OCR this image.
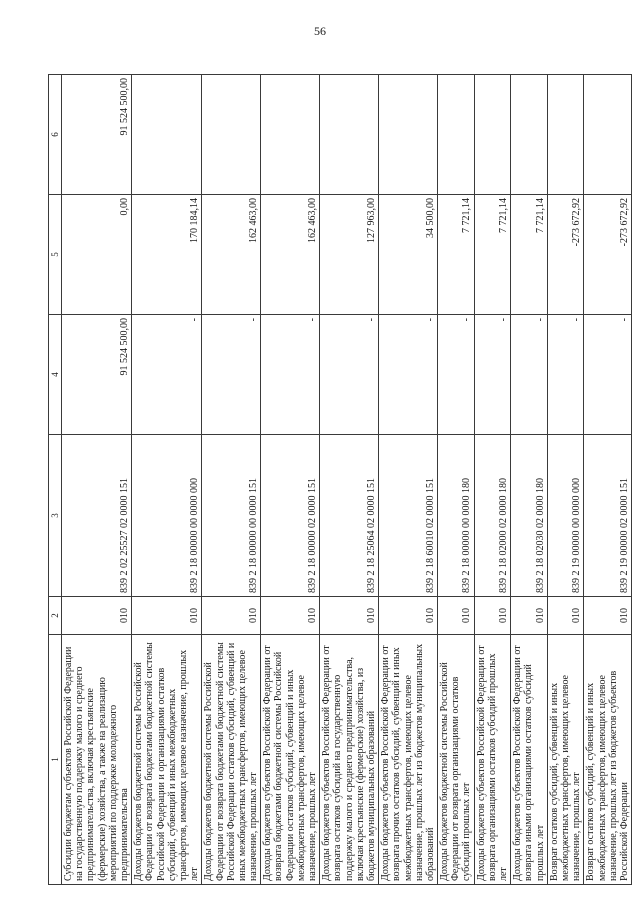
56
1	2	3	4	5	6
Субсидии бюджетам субъектов Российской Федерации на государственную поддержку малого и среднего предпринимательства, включая крестьянские (фермерские) хозяйства, а также на реализацию мероприятий по поддержке молодежного предпринимательства	010	839 2 02 25527 02 0000 151	91 524 500,00	0,00	91 524 500,00
Доходы бюджетов бюджетной системы Российской Федерации от возврата бюджетами бюджетной системы Российской Федерации и организациями остатков субсидий, субвенций и иных межбюджетных трансфертов, имеющих целевое назначение, прошлых лет	010	839 2 18 00000 00 0000 000	-	170 184,14	
Доходы бюджетов бюджетной системы Российской Федерации от возврата бюджетами бюджетной системы Российской Федерации остатков субсидий, субвенций и иных межбюджетных трансфертов, имеющих целевое назначение, прошлых лет	010	839 2 18 00000 00 0000 151	-	162 463,00	
Доходы бюджетов субъектов Российской Федерации от возврата бюджетами бюджетной системы Российской Федерации остатков субсидий, субвенций и иных межбюджетных трансфертов, имеющих целевое назначение, прошлых лет	010	839 2 18 00000 02 0000 151	-	162 463,00	
Доходы бюджетов субъектов Российской Федерации от возврата остатков субсидий на государственную поддержку малого и среднего предпринимательства, включая крестьянские (фермерские) хозяйства, из бюджетов муниципальных образований	010	839 2 18 25064 02 0000 151	-	127 963,00	
Доходы бюджетов субъектов Российской Федерации от возврата прочих остатков субсидий, субвенций и иных межбюджетных трансфертов, имеющих целевое назначение, прошлых лет из бюджетов муниципальных образований	010	839 2 18 60010 02 0000 151	-	34 500,00	
Доходы бюджетов бюджетной системы Российской Федерации от возврата организациями остатков субсидий прошлых лет	010	839 2 18 00000 00 0000 180	-	7 721,14	
Доходы бюджетов субъектов Российской Федерации от возврата организациями остатков субсидий прошлых лет	010	839 2 18 02000 02 0000 180	-	7 721,14	
Доходы бюджетов субъектов Российской Федерации от возврата иными организациями остатков субсидий прошлых лет	010	839 2 18 02030 02 0000 180	-	7 721,14	
Возврат остатков субсидий, субвенций и иных межбюджетных трансфертов, имеющих целевое назначение, прошлых лет	010	839 2 19 00000 00 0000 000	-	-273 672,92	
Возврат остатков субсидий, субвенций и иных межбюджетных трансфертов, имеющих целевое назначение, прошлых лет из бюджетов субъектов Российской Федерации	010	839 2 19 00000 02 0000 151	-	-273 672,92	
